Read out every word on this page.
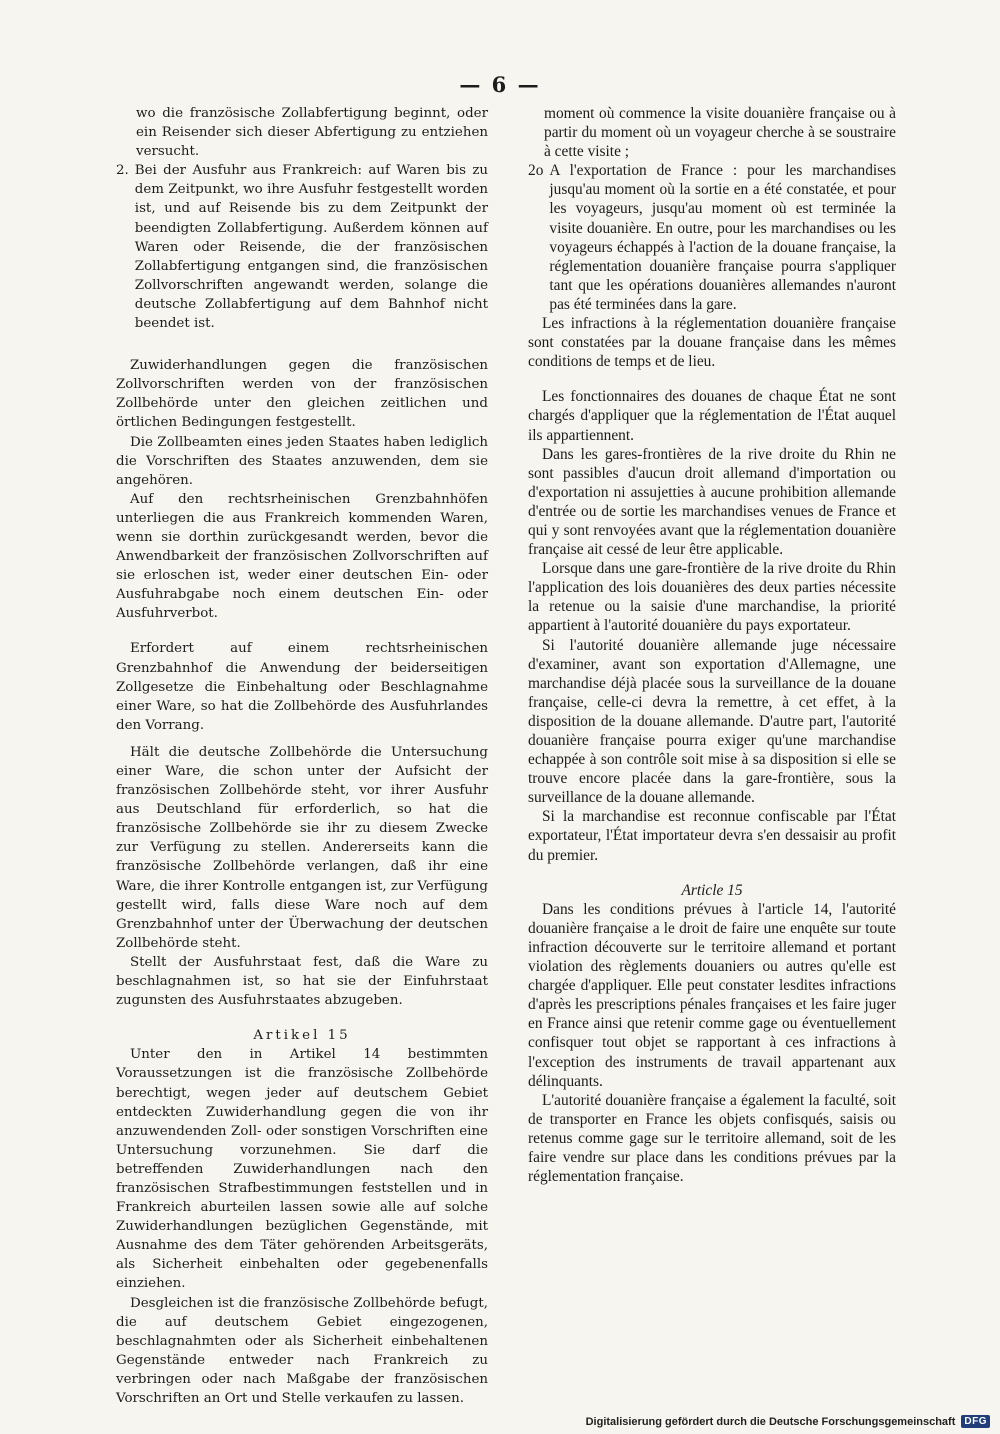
— 6 —

wo die französische Zollabfertigung beginnt, oder ein Reisender sich dieser Abfertigung zu entziehen versucht.

2. Bei der Ausfuhr aus Frankreich: auf Waren bis zu dem Zeitpunkt, wo ihre Ausfuhr festgestellt worden ist, und auf Reisende bis zu dem Zeitpunkt der beendigten Zollabfertigung. Außerdem können auf Waren oder Reisende, die der französischen Zollabfertigung entgangen sind, die französischen Zollvorschriften angewandt werden, solange die deutsche Zollabfertigung auf dem Bahnhof nicht beendet ist.

Zuwiderhandlungen gegen die französischen Zollvorschriften werden von der französischen Zollbehörde unter den gleichen zeitlichen und örtlichen Bedingungen festgestellt.

Die Zollbeamten eines jeden Staates haben lediglich die Vorschriften des Staates anzuwenden, dem sie angehören.

Auf den rechtsrheinischen Grenzbahnhöfen unterliegen die aus Frankreich kommenden Waren, wenn sie dorthin zurückgesandt werden, bevor die Anwendbarkeit der französischen Zollvorschriften auf sie erloschen ist, weder einer deutschen Ein- oder Ausfuhrabgabe noch einem deutschen Ein- oder Ausfuhrverbot.

Erfordert auf einem rechtsrheinischen Grenzbahnhof die Anwendung der beiderseitigen Zollgesetze die Einbehaltung oder Beschlagnahme einer Ware, so hat die Zollbehörde des Ausfuhrlandes den Vorrang.

Hält die deutsche Zollbehörde die Untersuchung einer Ware, die schon unter der Aufsicht der französischen Zollbehörde steht, vor ihrer Ausfuhr aus Deutschland für erforderlich, so hat die französische Zollbehörde sie ihr zu diesem Zwecke zur Verfügung zu stellen. Andererseits kann die französische Zollbehörde verlangen, daß ihr eine Ware, die ihrer Kontrolle entgangen ist, zur Verfügung gestellt wird, falls diese Ware noch auf dem Grenzbahnhof unter der Überwachung der deutschen Zollbehörde steht.

Stellt der Ausfuhrstaat fest, daß die Ware zu beschlagnahmen ist, so hat sie der Einfuhrstaat zugunsten des Ausfuhrstaates abzugeben.

Artikel 15

Unter den in Artikel 14 bestimmten Voraussetzungen ist die französische Zollbehörde berechtigt, wegen jeder auf deutschem Gebiet entdeckten Zuwiderhandlung gegen die von ihr anzuwendenden Zoll- oder sonstigen Vorschriften eine Untersuchung vorzunehmen. Sie darf die betreffenden Zuwiderhandlungen nach den französischen Strafbestimmungen feststellen und in Frankreich aburteilen lassen sowie alle auf solche Zuwiderhandlungen bezüglichen Gegenstände, mit Ausnahme des dem Täter gehörenden Arbeitsgeräts, als Sicherheit einbehalten oder gegebenenfalls einziehen.

Desgleichen ist die französische Zollbehörde befugt, die auf deutschem Gebiet eingezogenen, beschlagnahmten oder als Sicherheit einbehaltenen Gegenstände entweder nach Frankreich zu verbringen oder nach Maßgabe der französischen Vorschriften an Ort und Stelle verkaufen zu lassen.

moment où commence la visite douanière française ou à partir du moment où un voyageur cherche à se soustraire à cette visite ;

2o A l'exportation de France : pour les marchandises jusqu'au moment où la sortie en a été constatée, et pour les voyageurs, jusqu'au moment où est terminée la visite douanière. En outre, pour les marchandises ou les voyageurs échappés à l'action de la douane française, la réglementation douanière française pourra s'appliquer tant que les opérations douanières allemandes n'auront pas été terminées dans la gare.

Les infractions à la réglementation douanière française sont constatées par la douane française dans les mêmes conditions de temps et de lieu.

Les fonctionnaires des douanes de chaque État ne sont chargés d'appliquer que la réglementation de l'État auquel ils appartiennent.

Dans les gares-frontières de la rive droite du Rhin ne sont passibles d'aucun droit allemand d'importation ou d'exportation ni assujetties à aucune prohibition allemande d'entrée ou de sortie les marchandises venues de France et qui y sont renvoyées avant que la réglementation douanière française ait cessé de leur être applicable.

Lorsque dans une gare-frontière de la rive droite du Rhin l'application des lois douanières des deux parties nécessite la retenue ou la saisie d'une marchandise, la priorité appartient à l'autorité douanière du pays exportateur.

Si l'autorité douanière allemande juge nécessaire d'examiner, avant son exportation d'Allemagne, une marchandise déjà placée sous la surveillance de la douane française, celle-ci devra la remettre, à cet effet, à la disposition de la douane allemande. D'autre part, l'autorité douanière française pourra exiger qu'une marchandise echappée à son contrôle soit mise à sa disposition si elle se trouve encore placée dans la gare-frontière, sous la surveillance de la douane allemande.

Si la marchandise est reconnue confiscable par l'État exportateur, l'État importateur devra s'en dessaisir au profit du premier.

Article 15

Dans les conditions prévues à l'article 14, l'autorité douanière française a le droit de faire une enquête sur toute infraction découverte sur le territoire allemand et portant violation des règlements douaniers ou autres qu'elle est chargée d'appliquer. Elle peut constater lesdites infractions d'après les prescriptions pénales françaises et les faire juger en France ainsi que retenir comme gage ou éventuellement confisquer tout objet se rapportant à ces infractions à l'exception des instruments de travail appartenant aux délinquants.

L'autorité douanière française a également la faculté, soit de transporter en France les objets confisqués, saisis ou retenus comme gage sur le territoire allemand, soit de les faire vendre sur place dans les conditions prévues par la réglementation française.

Digitalisierung gefördert durch die Deutsche Forschungsgemeinschaft DFG
